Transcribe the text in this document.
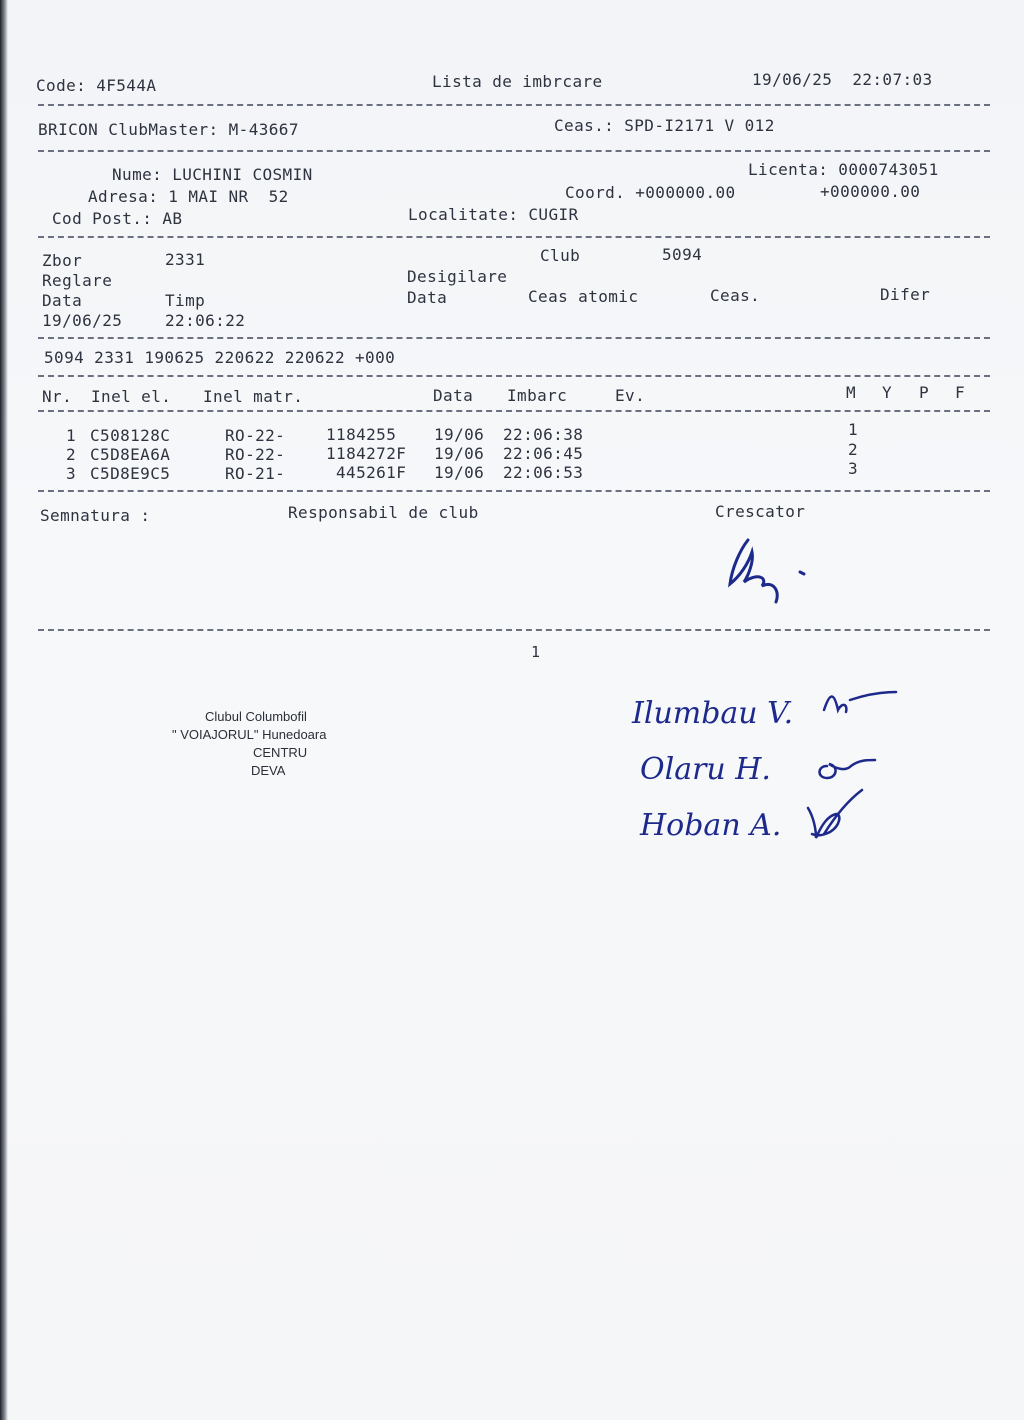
Code: 4F544A	Lista de imbrcare	19/06/25  22:07:03
BRICON ClubMaster: M-43667	Ceas.: SPD-I2171 V 012
Nume: LUCHINI COSMIN	Licenta: 0000743051
Adresa: 1 MAI NR  52	Coord. +000000.00	+000000.00
Cod Post.: AB	Localitate: CUGIR
Zbor	2331	Club	5094
Reglare	Desigilare
Data	Timp	Data	Ceas atomic	Ceas.	Difer
19/06/25	22:06:22
5094 2331 190625 220622 220622 +000
Nr. Inel el. Inel matr.	Data Imbarc	Ev.	M Y P F
1 C508128C	RO-22-	1184255 19/06 22:06:38	1
2 C5D8EA6A	RO-22-	1184272F 19/06 22:06:45	2
3 C5D8E9C5	RO-21-	445261F 19/06 22:06:53	3
Semnatura :	Responsabil de club	Crescator
1
Clubul Columbofil
" VOIAJORUL" Hunedoara
CENTRU
DEVA
Ilumbau V.
Olaru H.
Hoban A.
